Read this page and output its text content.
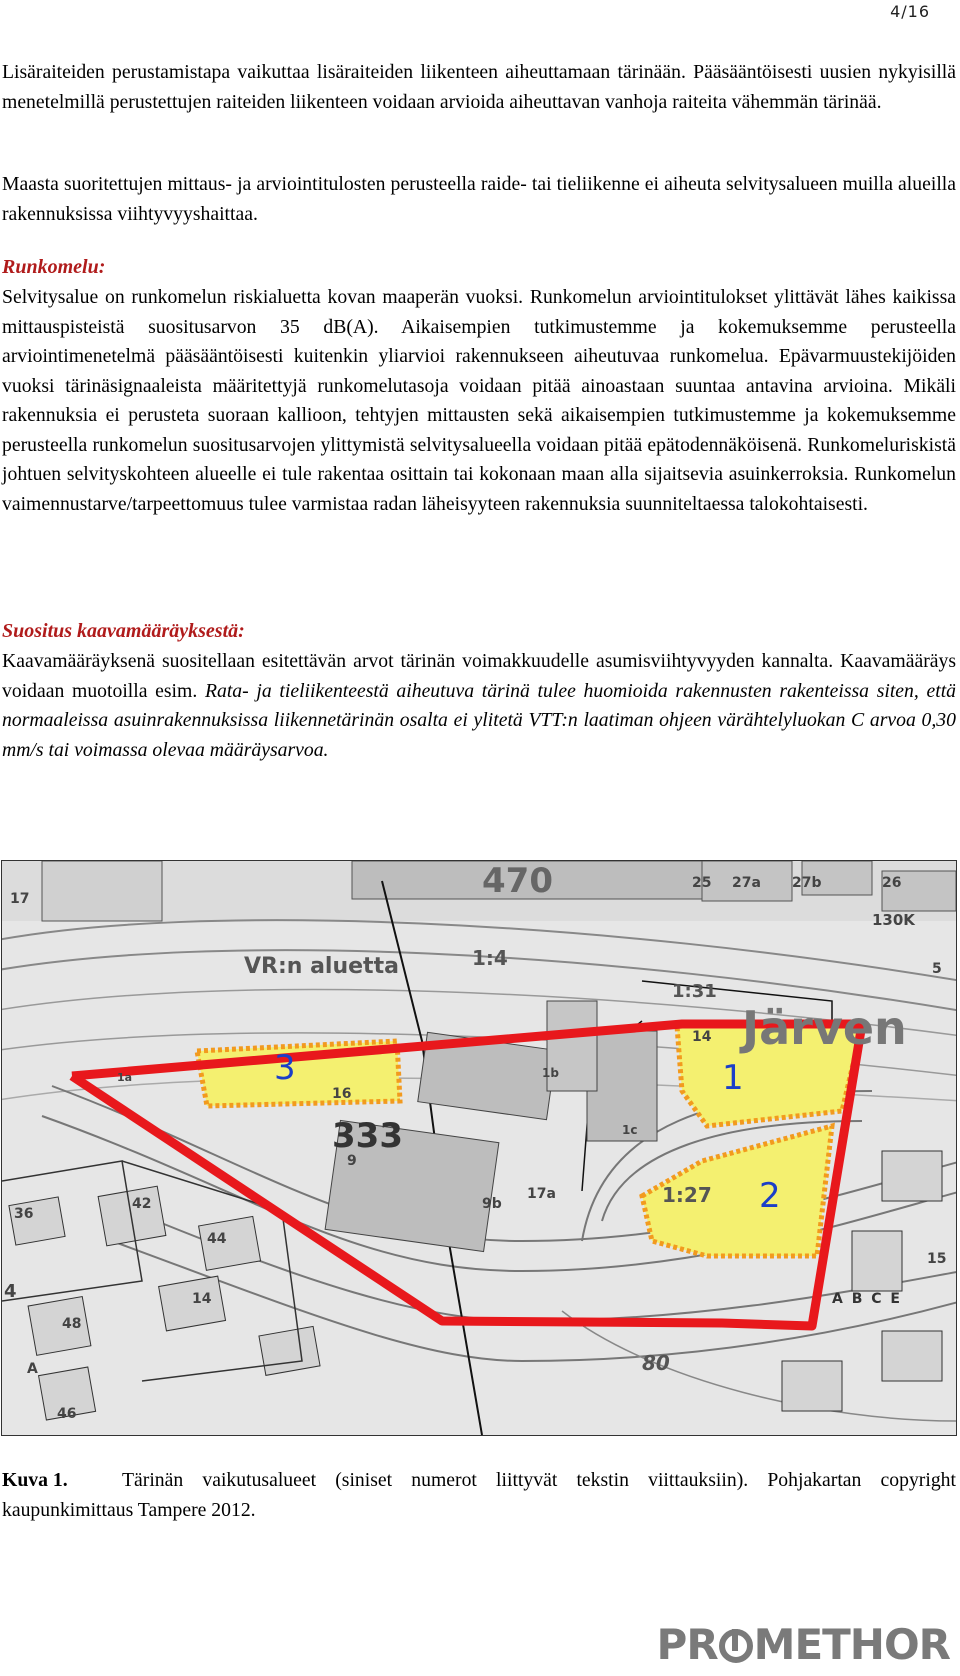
4/16

Lisäraiteiden perustamistapa vaikuttaa lisäraiteiden liikenteen aiheuttamaan tärinään. Pääsääntöisesti uusien nykyisillä menetelmillä perustettujen raiteiden liikenteen voidaan arvioida aiheuttavan vanhoja raiteita vähemmän tärinää.

Maasta suoritettujen mittaus- ja arviointitulosten perusteella raide- tai tieliikenne ei aiheuta selvitysalueen muilla alueilla rakennuksissa viihtyvyyshaittaa.

Runkomelu:

Selvitysalue on runkomelun riskialuetta kovan maaperän vuoksi. Runkomelun arviointitulokset ylittävät lähes kaikissa mittauspisteistä suositusarvon 35 dB(A). Aikaisempien tutkimustemme ja kokemuksemme perusteella arviointimenetelmä pääsääntöisesti kuitenkin yliarvioi rakennukseen aiheutuvaa runkomelua. Epävarmuustekijöiden vuoksi tärinäsignaaleista määritettyjä runkomelutasoja voidaan pitää ainoastaan suuntaa antavina arvioina. Mikäli rakennuksia ei perusteta suoraan kallioon, tehtyjen mittausten sekä aikaisempien tutkimustemme ja kokemuksemme perusteella runkomelun suositusarvojen ylittymistä selvitysalueella voidaan pitää epätodennäköisenä. Runkomeluriskistä johtuen selvityskohteen alueelle ei tule rakentaa osittain tai kokonaan maan alla sijaitsevia asuinkerroksia. Runkomelun vaimennustarve/tarpeettomuus tulee varmistaa radan läheisyyteen rakennuksia suunniteltaessa talokohtaisesti.

Suositus kaavamääräyksestä:

Kaavamääräyksenä suositellaan esitettävän arvot tärinän voimakkuudelle asumisviihtyvyyden kannalta. Kaavamääräys voidaan muotoilla esim. Rata- ja tieliikenteestä aiheutuva tärinä tulee huomioida rakennusten rakenteissa siten, että normaaleissa asuinrakennuksissa liikennetärinän osalta ei ylitetä VTT:n laatiman ohjeen värähtelyluokan C arvoa 0,30 mm/s tai voimassa olevaa määräysarvoa.

470
VR:n aluetta	1:4
1:31
130K
Järven
27a 27b
25	26
17
5
16
14
333
9
9b
17a
1b
1c
1:27
36
42
44
14
48
46
A
4
80
A B C E
15
1a	3	1
2

Kuva 1.	Tärinän vaikutusalueet (siniset numerot liittyvät tekstin viittauksiin). Pohjakartan copyright kaupunkimittaus Tampere 2012.

PR METHOR
